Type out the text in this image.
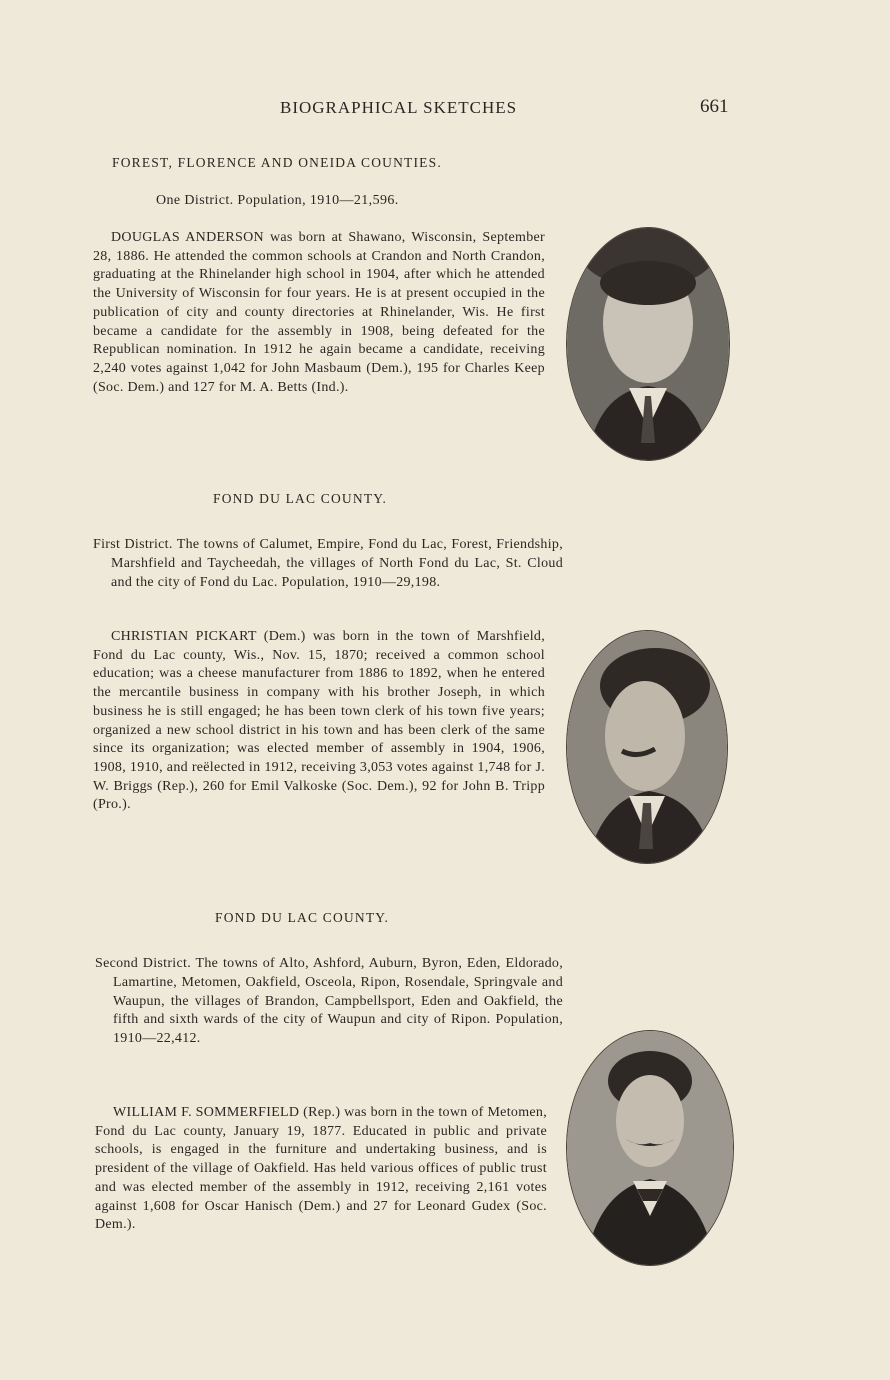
BIOGRAPHICAL SKETCHES	661
FOREST, FLORENCE AND ONEIDA COUNTIES.
One District. Population, 1910—21,596.
DOUGLAS ANDERSON was born at Shawano, Wisconsin, September 28, 1886. He attended the common schools at Crandon and North Crandon, graduating at the Rhinelander high school in 1904, after which he attended the University of Wisconsin for four years. He is at present occupied in the publication of city and county directories at Rhinelander, Wis. He first became a candidate for the assembly in 1908, being defeated for the Republican nomination. In 1912 he again became a candidate, receiving 2,240 votes against 1,042 for John Masbaum (Dem.), 195 for Charles Keep (Soc. Dem.) and 127 for M. A. Betts (Ind.).
FOND DU LAC COUNTY.
First District. The towns of Calumet, Empire, Fond du Lac, Forest, Friendship, Marshfield and Taycheedah, the villages of North Fond du Lac, St. Cloud and the city of Fond du Lac. Population, 1910—29,198.
CHRISTIAN PICKART (Dem.) was born in the town of Marshfield, Fond du Lac county, Wis., Nov. 15, 1870; received a common school education; was a cheese manufacturer from 1886 to 1892, when he entered the mercantile business in company with his brother Joseph, in which business he is still engaged; he has been town clerk of his town five years; organized a new school district in his town and has been clerk of the same since its organization; was elected member of assembly in 1904, 1906, 1908, 1910, and reëlected in 1912, receiving 3,053 votes against 1,748 for J. W. Briggs (Rep.), 260 for Emil Valkoske (Soc. Dem.), 92 for John B. Tripp (Pro.).
FOND DU LAC COUNTY.
Second District. The towns of Alto, Ashford, Auburn, Byron, Eden, Eldorado, Lamartine, Metomen, Oakfield, Osceola, Ripon, Rosendale, Springvale and Waupun, the villages of Brandon, Campbellsport, Eden and Oakfield, the fifth and sixth wards of the city of Waupun and city of Ripon. Population, 1910—22,412.
WILLIAM F. SOMMERFIELD (Rep.) was born in the town of Metomen, Fond du Lac county, January 19, 1877. Educated in public and private schools, is engaged in the furniture and undertaking business, and is president of the village of Oakfield. Has held various offices of public trust and was elected member of the assembly in 1912, receiving 2,161 votes against 1,608 for Oscar Hanisch (Dem.) and 27 for Leonard Gudex (Soc. Dem.).
